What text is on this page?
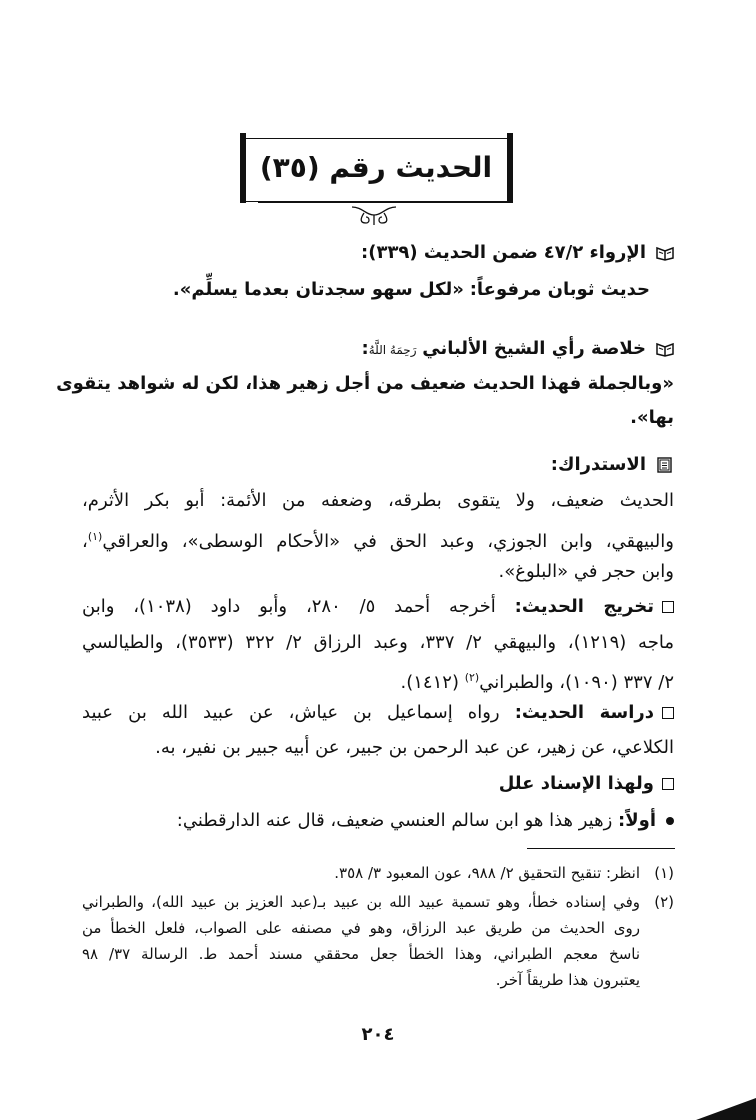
الحديث رقم (٣٥)
الإرواء ٤٧/٢ ضمن الحديث (٣٣٩):
حديث ثوبان مرفوعاً: «لكل سهو سجدتان بعدما يسلِّم».
خلاصة رأي الشيخ الألباني رَحِمَهُ اللَّهُ:
«وبالجملة فهذا الحديث ضعيف من أجل زهير هذا، لكن له شواهد يتقوى
بها».
الاستدراك:
الحديث ضعيف، ولا يتقوى بطرقه، وضعفه من الأئمة: أبو بكر الأثرم،
والبيهقي، وابن الجوزي، وعبد الحق في «الأحكام الوسطى»، والعراقي$^{(١)}$،
وابن حجر في «البلوغ».
تخريج الحديث: أخرجه أحمد ٥/ ٢٨٠، وأبو داود (١٠٣٨)، وابن
ماجه (١٢١٩)، والبيهقي ٢/ ٣٣٧، وعبد الرزاق ٢/ ٣٢٢ (٣٥٣٣)، والطيالسي
٢/ ٣٣٧ (١٠٩٠)، والطبراني$^{(٢)}$ (١٤١٢).
دراسة الحديث: رواه إسماعيل بن عياش، عن عبيد الله بن عبيد
الكلاعي، عن زهير، عن عبد الرحمن بن جبير، عن أبيه جبير بن نفير، به.
ولهذا الإسناد علل
أولاً: زهير هذا هو ابن سالم العنسي ضعيف، قال عنه الدارقطني:
(١)انظر: تنقيح التحقيق ٢/ ٩٨٨، عون المعبود ٣/ ٣٥٨.
(٢)وفي إسناده خطأ، وهو تسمية عبيد الله بن عبيد بـ(عبد العزيز بن عبيد الله)، والطبراني
روى الحديث من طريق عبد الرزاق، وهو في مصنفه على الصواب، فلعل الخطأ من
ناسخ معجم الطبراني، وهذا الخطأ جعل محققي مسند أحمد ط. الرسالة ٣٧/ ٩٨
يعتبرون هذا طريقاً آخر.
٢٠٤
